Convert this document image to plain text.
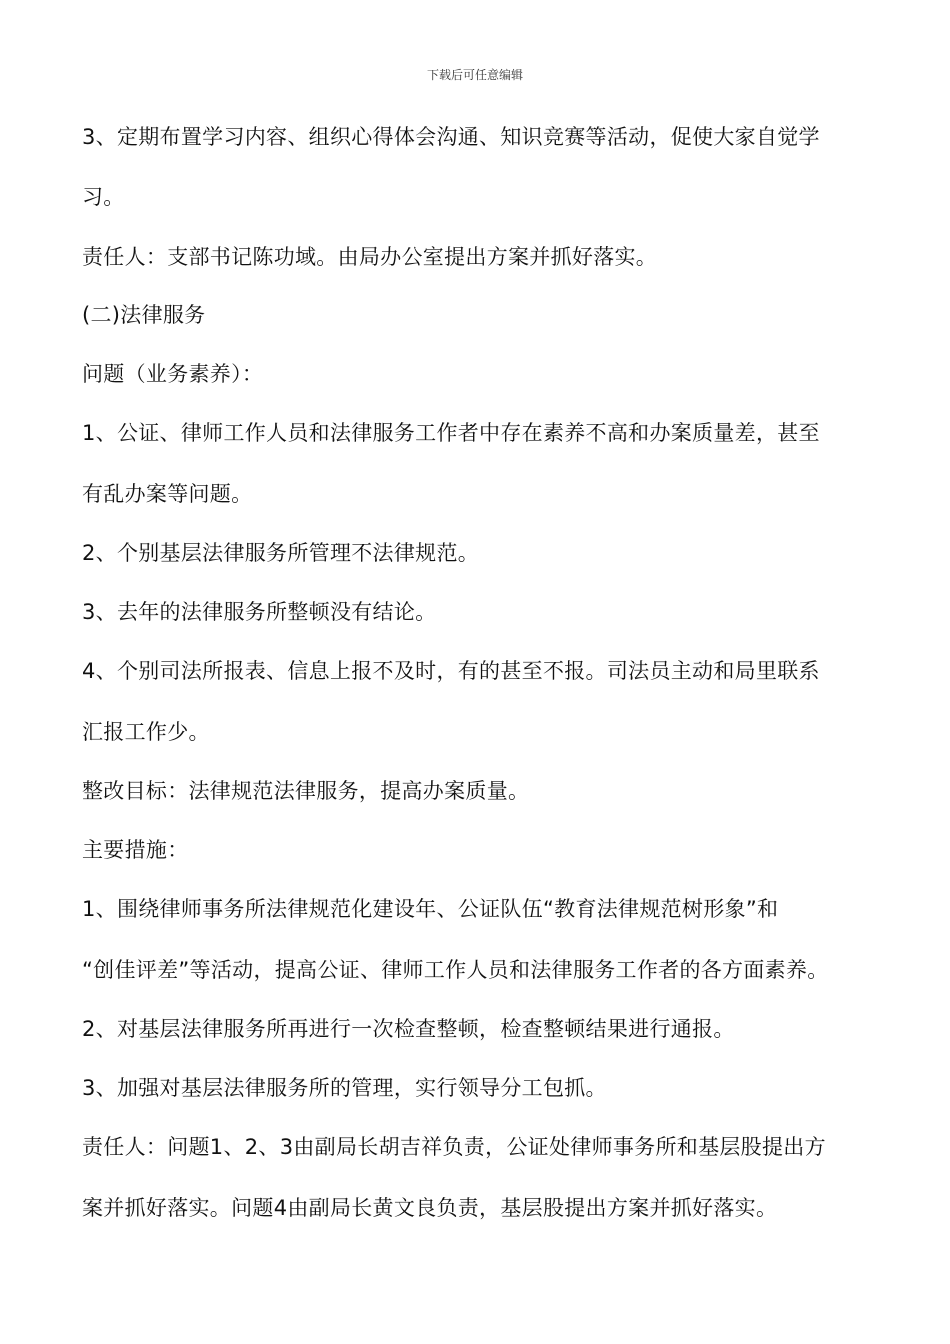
下载后可任意编辑
3、定期布置学习内容、组织心得体会沟通、知识竞赛等活动，促使大家自觉学
习。
责任人：支部书记陈功域。由局办公室提出方案并抓好落实。
(二)法律服务
问题（业务素养）：
1、公证、律师工作人员和法律服务工作者中存在素养不高和办案质量差，甚至
有乱办案等问题。
2、个别基层法律服务所管理不法律规范。
3、去年的法律服务所整顿没有结论。
4、个别司法所报表、信息上报不及时，有的甚至不报。司法员主动和局里联系
汇报工作少。
整改目标：法律规范法律服务，提高办案质量。
主要措施：
1、围绕律师事务所法律规范化建设年、公证队伍“教育法律规范树形象”和
“创佳评差”等活动，提高公证、律师工作人员和法律服务工作者的各方面素养。
2、对基层法律服务所再进行一次检查整顿，检查整顿结果进行通报。
3、加强对基层法律服务所的管理，实行领导分工包抓。
责任人：问题1、2、3由副局长胡吉祥负责，公证处律师事务所和基层股提出方
案并抓好落实。问题4由副局长黄文良负责，基层股提出方案并抓好落实。
